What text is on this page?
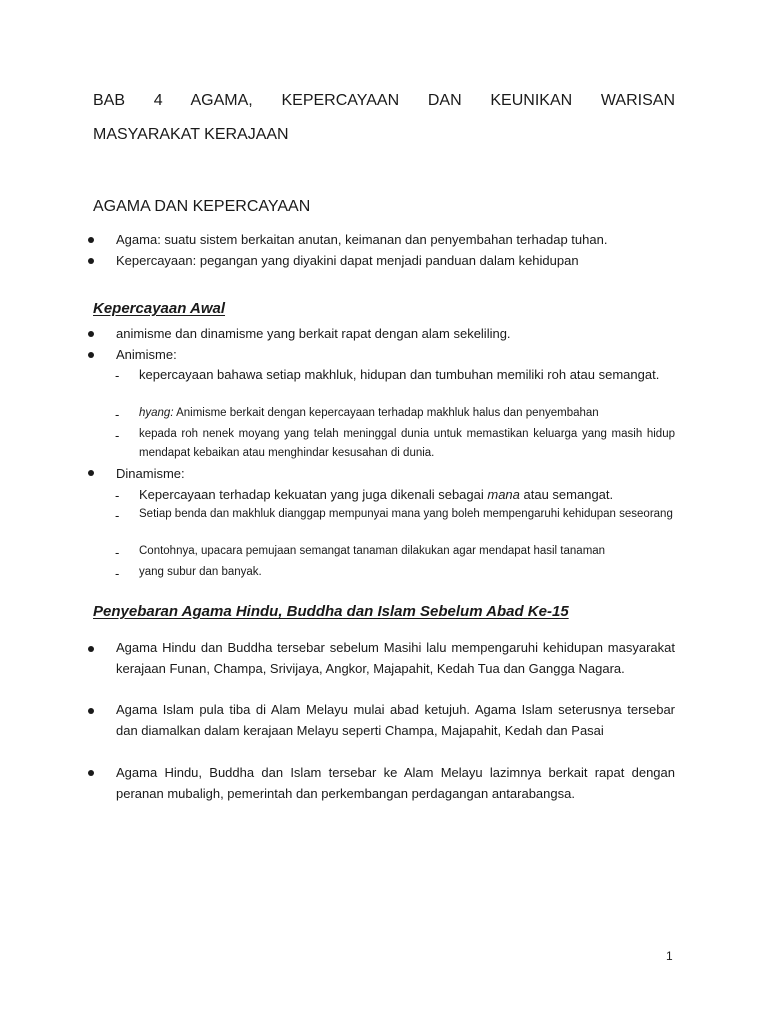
BAB 4 AGAMA, KEPERCAYAAN DAN KEUNIKAN WARISAN
MASYARAKAT KERAJAAN
AGAMA DAN KEPERCAYAAN
Agama: suatu sistem berkaitan anutan, keimanan dan penyembahan terhadap tuhan.
Kepercayaan: pegangan yang diyakini dapat menjadi panduan dalam kehidupan
Kepercayaan Awal
animisme dan dinamisme yang berkait rapat dengan alam sekeliling.
Animisme:
- kepercayaan bahawa setiap makhluk, hidupan dan tumbuhan memiliki roh atau semangat.
- hyang: Animisme berkait dengan kepercayaan terhadap makhluk halus dan penyembahan
- kepada roh nenek moyang yang telah meninggal dunia untuk memastikan keluarga yang masih hidup mendapat kebaikan atau menghindar kesusahan di dunia.
Dinamisme:
- Kepercayaan terhadap kekuatan yang juga dikenali sebagai mana atau semangat.
- Setiap benda dan makhluk dianggap mempunyai mana yang boleh mempengaruhi kehidupan seseorang
- Contohnya, upacara pemujaan semangat tanaman dilakukan agar mendapat hasil tanaman
- yang subur dan banyak.
Penyebaran Agama Hindu, Buddha dan Islam Sebelum Abad Ke-15
Agama Hindu dan Buddha tersebar sebelum Masihi lalu mempengaruhi kehidupan masyarakat kerajaan Funan, Champa, Srivijaya, Angkor, Majapahit, Kedah Tua dan Gangga Nagara.
Agama Islam pula tiba di Alam Melayu mulai abad ketujuh. Agama Islam seterusnya tersebar dan diamalkan dalam kerajaan Melayu seperti Champa, Majapahit, Kedah dan Pasai
Agama Hindu, Buddha dan Islam tersebar ke Alam Melayu lazimnya berkait rapat dengan peranan mubaligh, pemerintah dan perkembangan perdagangan antarabangsa.
1
